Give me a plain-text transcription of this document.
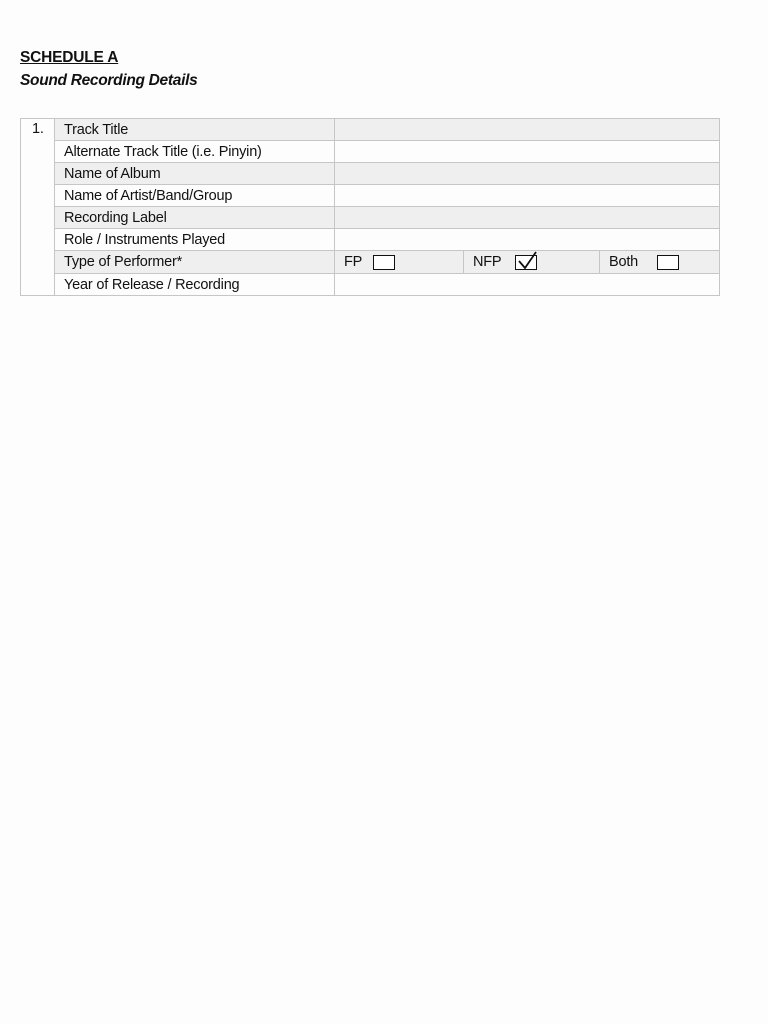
SCHEDULE A
Sound Recording Details
1.	Track Title	
	Alternate Track Title (i.e. Pinyin)	
	Name of Album	
	Name of Artist/Band/Group	
	Recording Label	
	Role / Instruments Played	
	Type of Performer*	FP NFP Both

	Year of Release / Recording	
